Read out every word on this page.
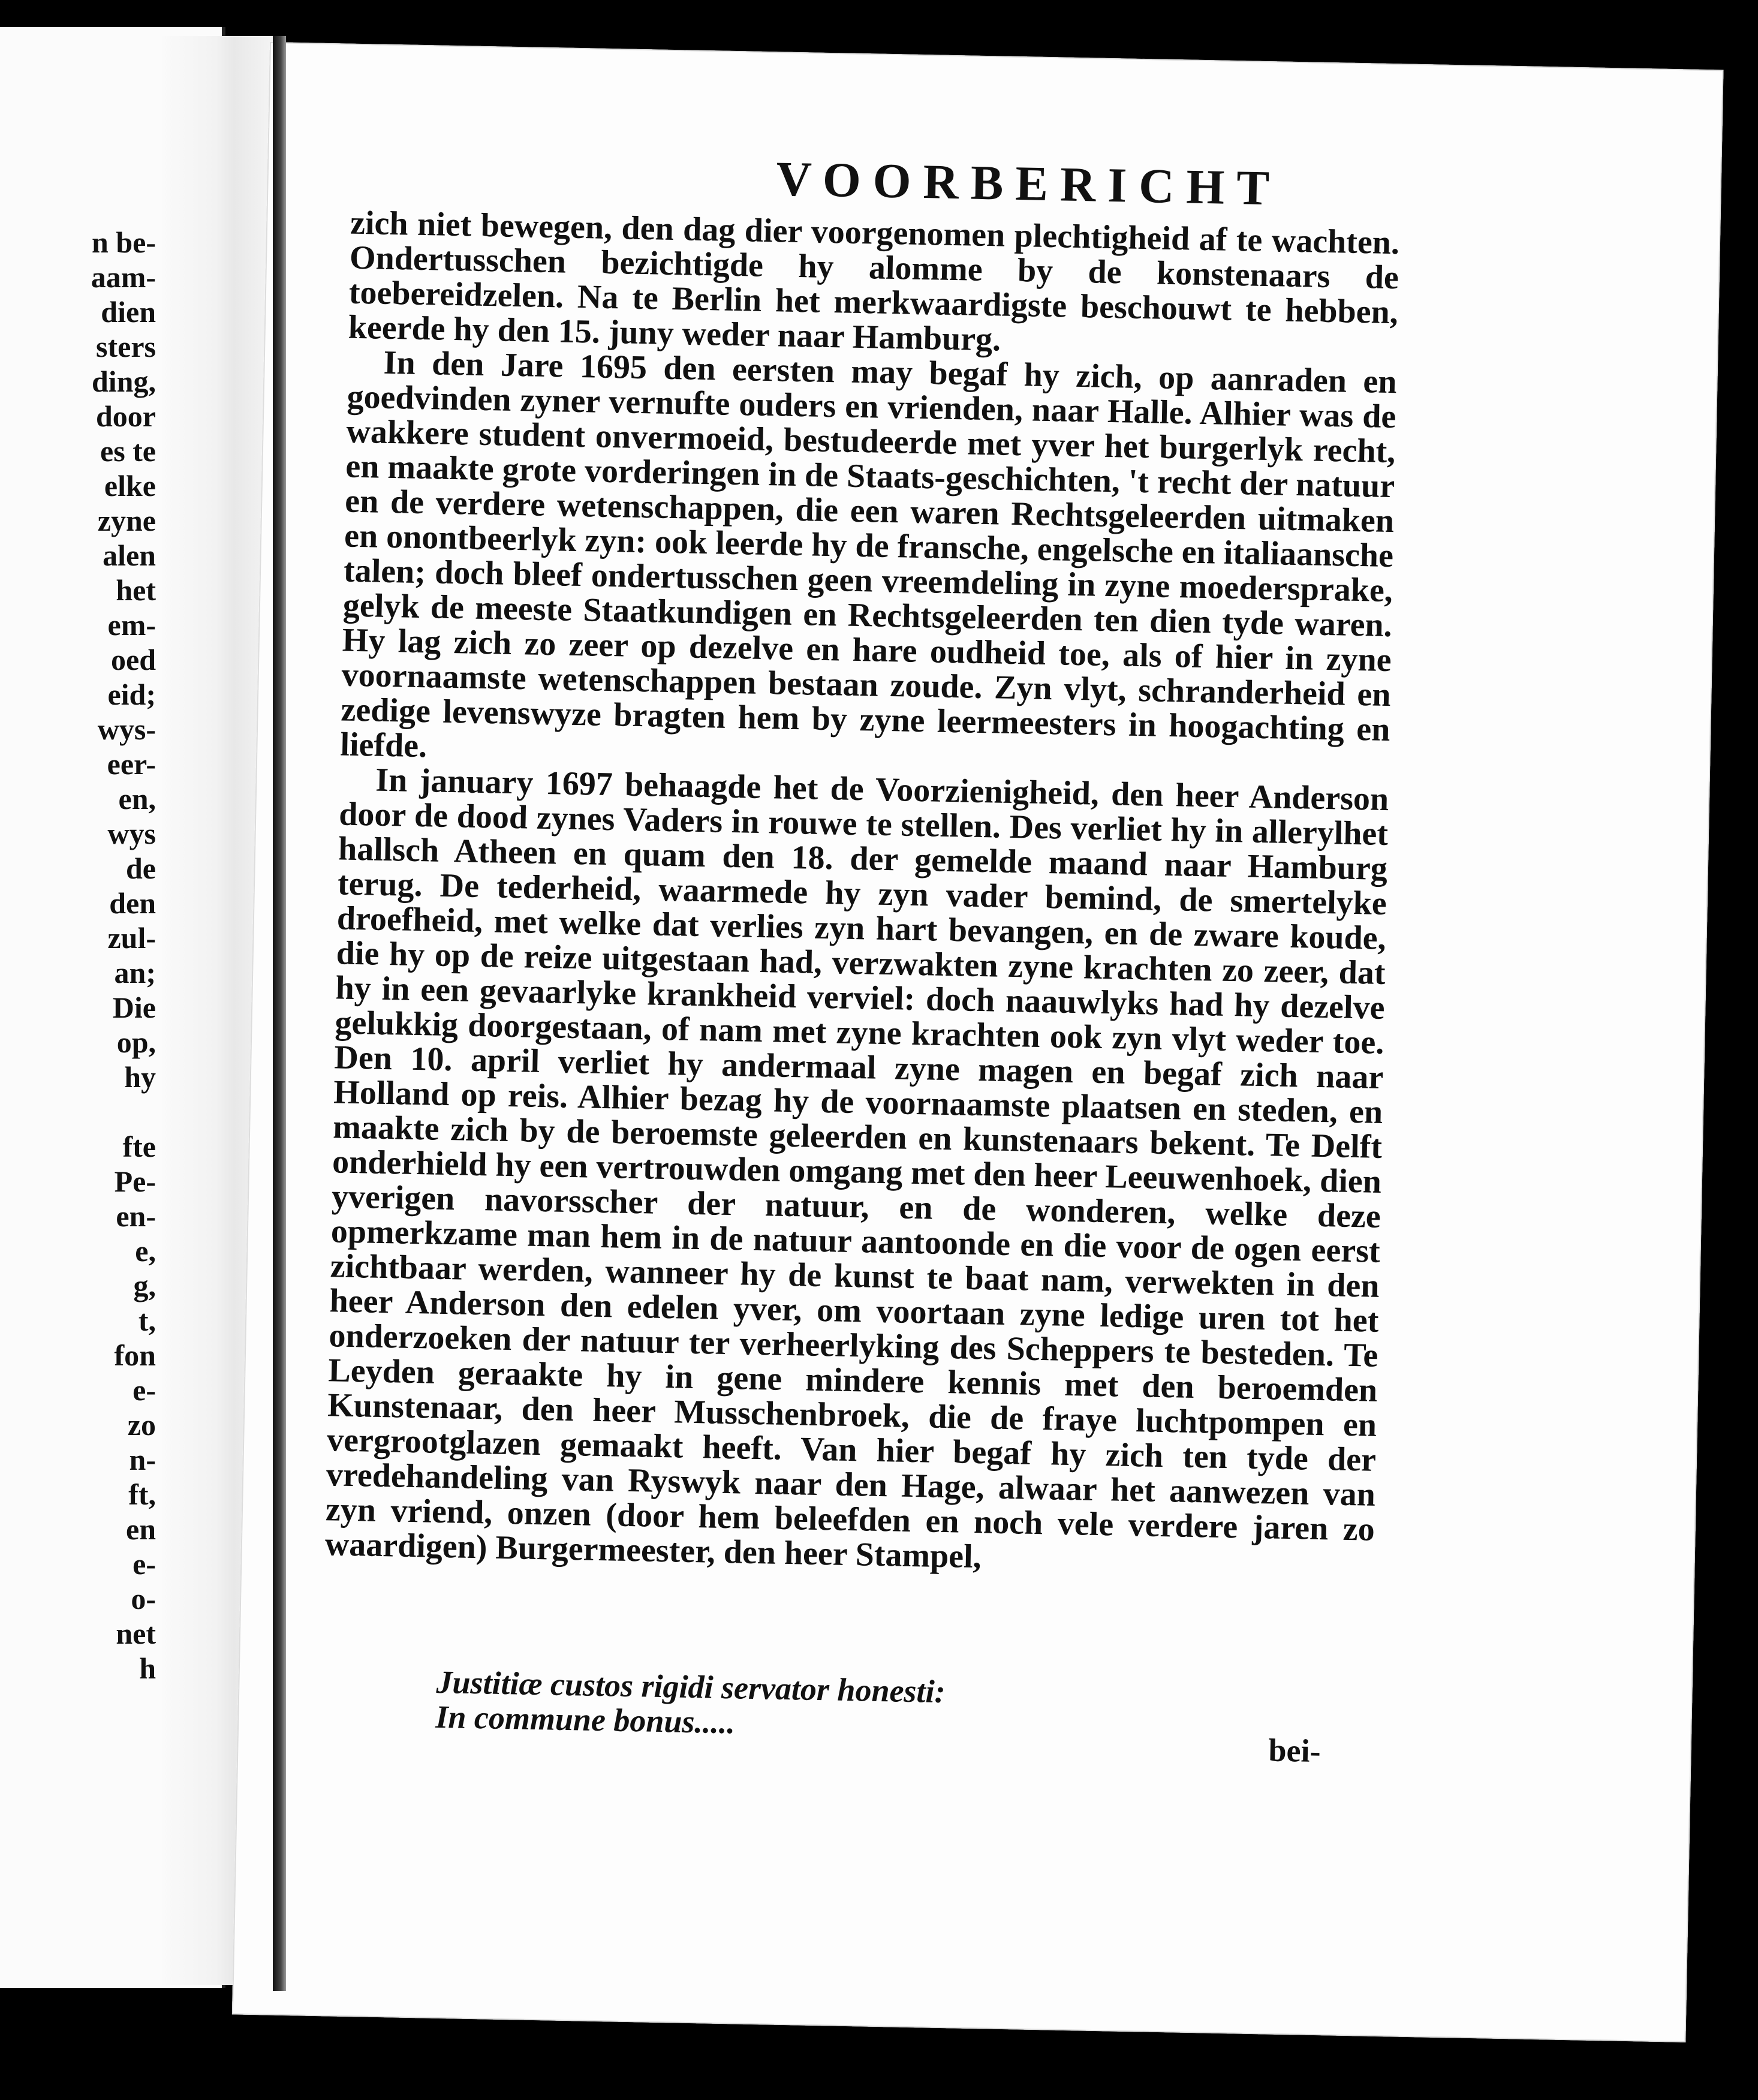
n be-
aam-
dien
sters
ding,
door
es te
elke
zyne
alen
het
em-
oed
eid;
wys-
eer-
en,
wys
de
den
zul-
an;
Die
op,
hy

fte
Pe-
en-
e,
g,
t,
fon
e-
zo
n-
ft,
en
e-
o-
net
h
VOORBERICHT

zich niet bewegen, den dag dier voorgenomen plechtigheid af te wachten. Ondertusschen bezichtigde hy alomme by de konstenaars de toebereidzelen. Na te Berlin het merkwaardigste beschouwt te hebben, keerde hy den 15. juny weder naar Hamburg.

In den Jare 1695 den eersten may begaf hy zich, op aanraden en goedvinden zyner vernufte ouders en vrienden, naar Halle. Alhier was de wakkere student onvermoeid, bestudeerde met yver het burgerlyk recht, en maakte grote vorderingen in de Staats-geschichten, 't recht der natuur en de verdere wetenschappen, die een waren Rechtsgeleerden uitmaken en onontbeerlyk zyn: ook leerde hy de fransche, engelsche en italiaansche talen; doch bleef ondertusschen geen vreemdeling in zyne moedersprake, gelyk de meeste Staatkundigen en Rechtsgeleerden ten dien tyde waren. Hy lag zich zo zeer op dezelve en hare oudheid toe, als of hier in zyne voornaamste wetenschappen bestaan zoude. Zyn vlyt, schranderheid en zedige levenswyze bragten hem by zyne leermeesters in hoogachting en liefde.

In january 1697 behaagde het de Voorzienigheid, den heer Anderson door de dood zynes Vaders in rouwe te stellen. Des verliet hy in allerylhet hallsch Atheen en quam den 18. der gemelde maand naar Hamburg terug. De tederheid, waarmede hy zyn vader bemind, de smertelyke droefheid, met welke dat verlies zyn hart bevangen, en de zware koude, die hy op de reize uitgestaan had, verzwakten zyne krachten zo zeer, dat hy in een gevaarlyke krankheid verviel: doch naauwlyks had hy dezelve gelukkig doorgestaan, of nam met zyne krachten ook zyn vlyt weder toe. Den 10. april verliet hy andermaal zyne magen en begaf zich naar Holland op reis. Alhier bezag hy de voornaamste plaatsen en steden, en maakte zich by de beroemste geleerden en kunstenaars bekent. Te Delft onderhield hy een vertrouwden omgang met den heer Leeuwenhoek, dien yverigen navorsscher der natuur, en de wonderen, welke deze opmerkzame man hem in de natuur aantoonde en die voor de ogen eerst zichtbaar werden, wanneer hy de kunst te baat nam, verwekten in den heer Anderson den edelen yver, om voortaan zyne ledige uren tot het onderzoeken der natuur ter verheerlyking des Scheppers te besteden. Te Leyden geraakte hy in gene mindere kennis met den beroemden Kunstenaar, den heer Musschenbroek, die de fraye luchtpompen en vergrootglazen gemaakt heeft. Van hier begaf hy zich ten tyde der vredehandeling van Ryswyk naar den Hage, alwaar het aanwezen van zyn vriend, onzen (door hem beleefden en noch vele verdere jaren zo waardigen) Burgermeester, den heer Stampel,

Justitiæ custos rigidi servator honesti:
In commune bonus.....
bei-
